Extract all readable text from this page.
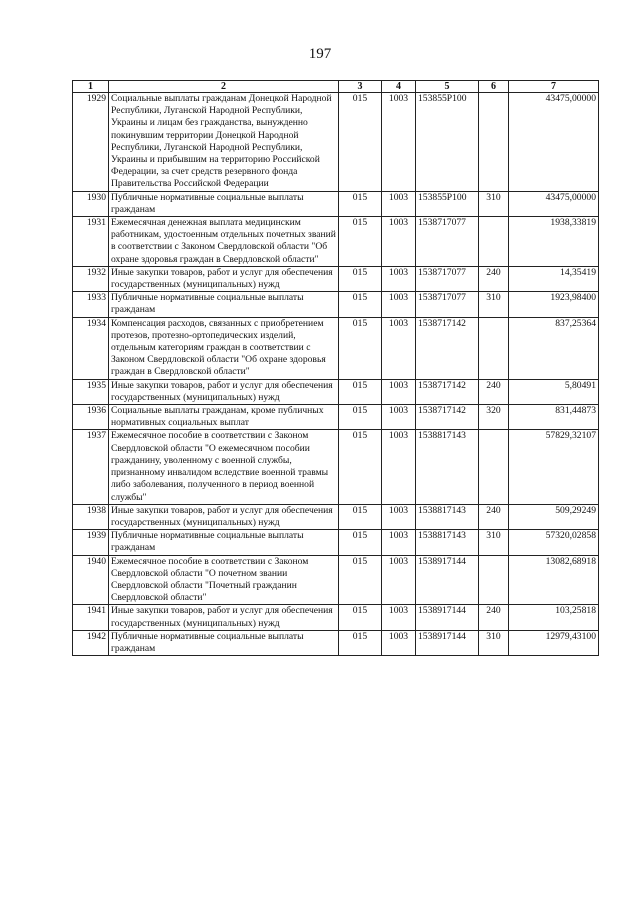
197
1	2	3	4	5	6	7
1929	Социальные выплаты гражданам Донецкой Народной Республики, Луганской Народной Республики, Украины и лицам без гражданства, вынужденно покинувшим территории Донецкой Народной Республики, Луганской Народной Республики, Украины и прибывшим на территорию Российской Федерации, за счет средств резервного фонда Правительства Российской Федерации	015	1003	153855Р100		43475,00000
1930	Публичные нормативные социальные выплаты гражданам	015	1003	153855Р100	310	43475,00000
1931	Ежемесячная денежная выплата медицинским работникам, удостоенным отдельных почетных званий в соответствии с Законом Свердловской области "Об охране здоровья граждан в Свердловской области"	015	1003	1538717077		1938,33819
1932	Иные закупки товаров, работ и услуг для обеспечения государственных (муниципальных) нужд	015	1003	1538717077	240	14,35419
1933	Публичные нормативные социальные выплаты гражданам	015	1003	1538717077	310	1923,98400
1934	Компенсация расходов, связанных с приобретением протезов, протезно-ортопедических изделий, отдельным категориям граждан в соответствии с Законом Свердловской области "Об охране здоровья граждан в Свердловской области"	015	1003	1538717142		837,25364
1935	Иные закупки товаров, работ и услуг для обеспечения государственных (муниципальных) нужд	015	1003	1538717142	240	5,80491
1936	Социальные выплаты гражданам, кроме публичных нормативных социальных выплат	015	1003	1538717142	320	831,44873
1937	Ежемесячное пособие в соответствии с Законом Свердловской области "О ежемесячном пособии гражданину, уволенному с военной службы, признанному инвалидом вследствие военной травмы либо заболевания, полученного в период военной службы"	015	1003	1538817143		57829,32107
1938	Иные закупки товаров, работ и услуг для обеспечения государственных (муниципальных) нужд	015	1003	1538817143	240	509,29249
1939	Публичные нормативные социальные выплаты гражданам	015	1003	1538817143	310	57320,02858
1940	Ежемесячное пособие в соответствии с Законом Свердловской области "О почетном звании Свердловской области "Почетный гражданин Свердловской области"	015	1003	1538917144		13082,68918
1941	Иные закупки товаров, работ и услуг для обеспечения государственных (муниципальных) нужд	015	1003	1538917144	240	103,25818
1942	Публичные нормативные социальные выплаты гражданам	015	1003	1538917144	310	12979,43100
